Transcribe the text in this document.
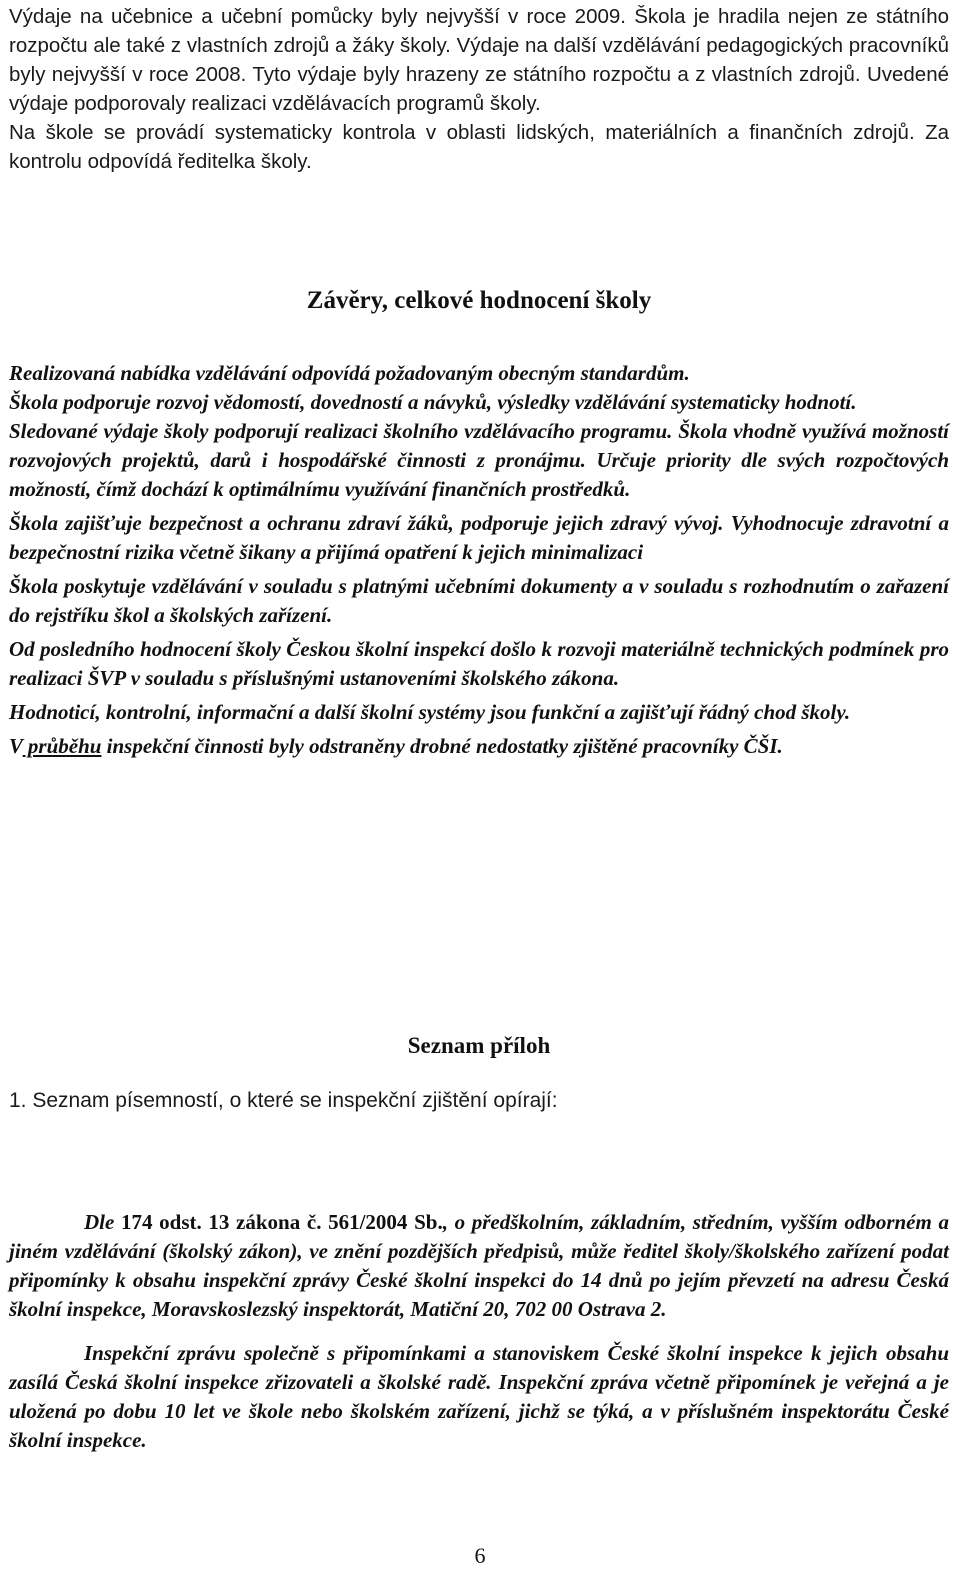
Výdaje na učebnice a učební pomůcky byly nejvyšší v roce 2009. Škola je hradila nejen ze státního rozpočtu ale také z vlastních zdrojů a žáky školy. Výdaje na další vzdělávání pedagogických pracovníků byly nejvyšší v roce 2008. Tyto výdaje byly hrazeny ze státního rozpočtu a z vlastních zdrojů. Uvedené výdaje podporovaly realizaci vzdělávacích programů školy.

Na škole se provádí systematicky kontrola v oblasti lidských, materiálních a finančních zdrojů. Za kontrolu odpovídá ředitelka školy.

Závěry, celkové hodnocení školy

Realizovaná nabídka vzdělávání odpovídá požadovaným obecným standardům.

Škola podporuje rozvoj vědomostí, dovedností a návyků, výsledky vzdělávání systematicky hodnotí.

Sledované výdaje školy podporují realizaci školního vzdělávacího programu. Škola vhodně využívá možností rozvojových projektů, darů i hospodářské činnosti z pronájmu. Určuje priority dle svých rozpočtových možností, čímž dochází k optimálnímu využívání finančních prostředků.

Škola zajišťuje bezpečnost a ochranu zdraví žáků, podporuje jejich zdravý vývoj. Vyhodnocuje zdravotní a bezpečnostní rizika včetně šikany a přijímá opatření k jejich minimalizaci

Škola poskytuje vzdělávání v souladu s platnými učebními dokumenty a v souladu s rozhodnutím o zařazení do rejstříku škol a školských zařízení.

Od posledního hodnocení školy Českou školní inspekcí došlo k rozvoji materiálně technických podmínek pro realizaci ŠVP v souladu s příslušnými ustanoveními školského zákona.

Hodnoticí, kontrolní, informační a další školní systémy jsou funkční a zajišťují řádný chod školy.

V průběhu inspekční činnosti byly odstraněny drobné nedostatky zjištěné pracovníky ČŠI.

Seznam příloh

1. Seznam písemností, o které se inspekční zjištění opírají:

Dle 174 odst. 13 zákona č. 561/2004 Sb., o předškolním, základním, středním, vyšším odborném a jiném vzdělávání (školský zákon), ve znění pozdějších předpisů, může ředitel školy/školského zařízení podat připomínky k obsahu inspekční zprávy České školní inspekci do 14 dnů po jejím převzetí na adresu Česká školní inspekce, Moravskoslezský inspektorát, Matiční 20, 702 00 Ostrava 2.

Inspekční zprávu společně s připomínkami a stanoviskem České školní inspekce k jejich obsahu zasílá Česká školní inspekce zřizovateli a školské radě. Inspekční zpráva včetně připomínek je veřejná a je uložená po dobu 10 let ve škole nebo školském zařízení, jichž se týká, a v příslušném inspektorátu České školní inspekce.

6
